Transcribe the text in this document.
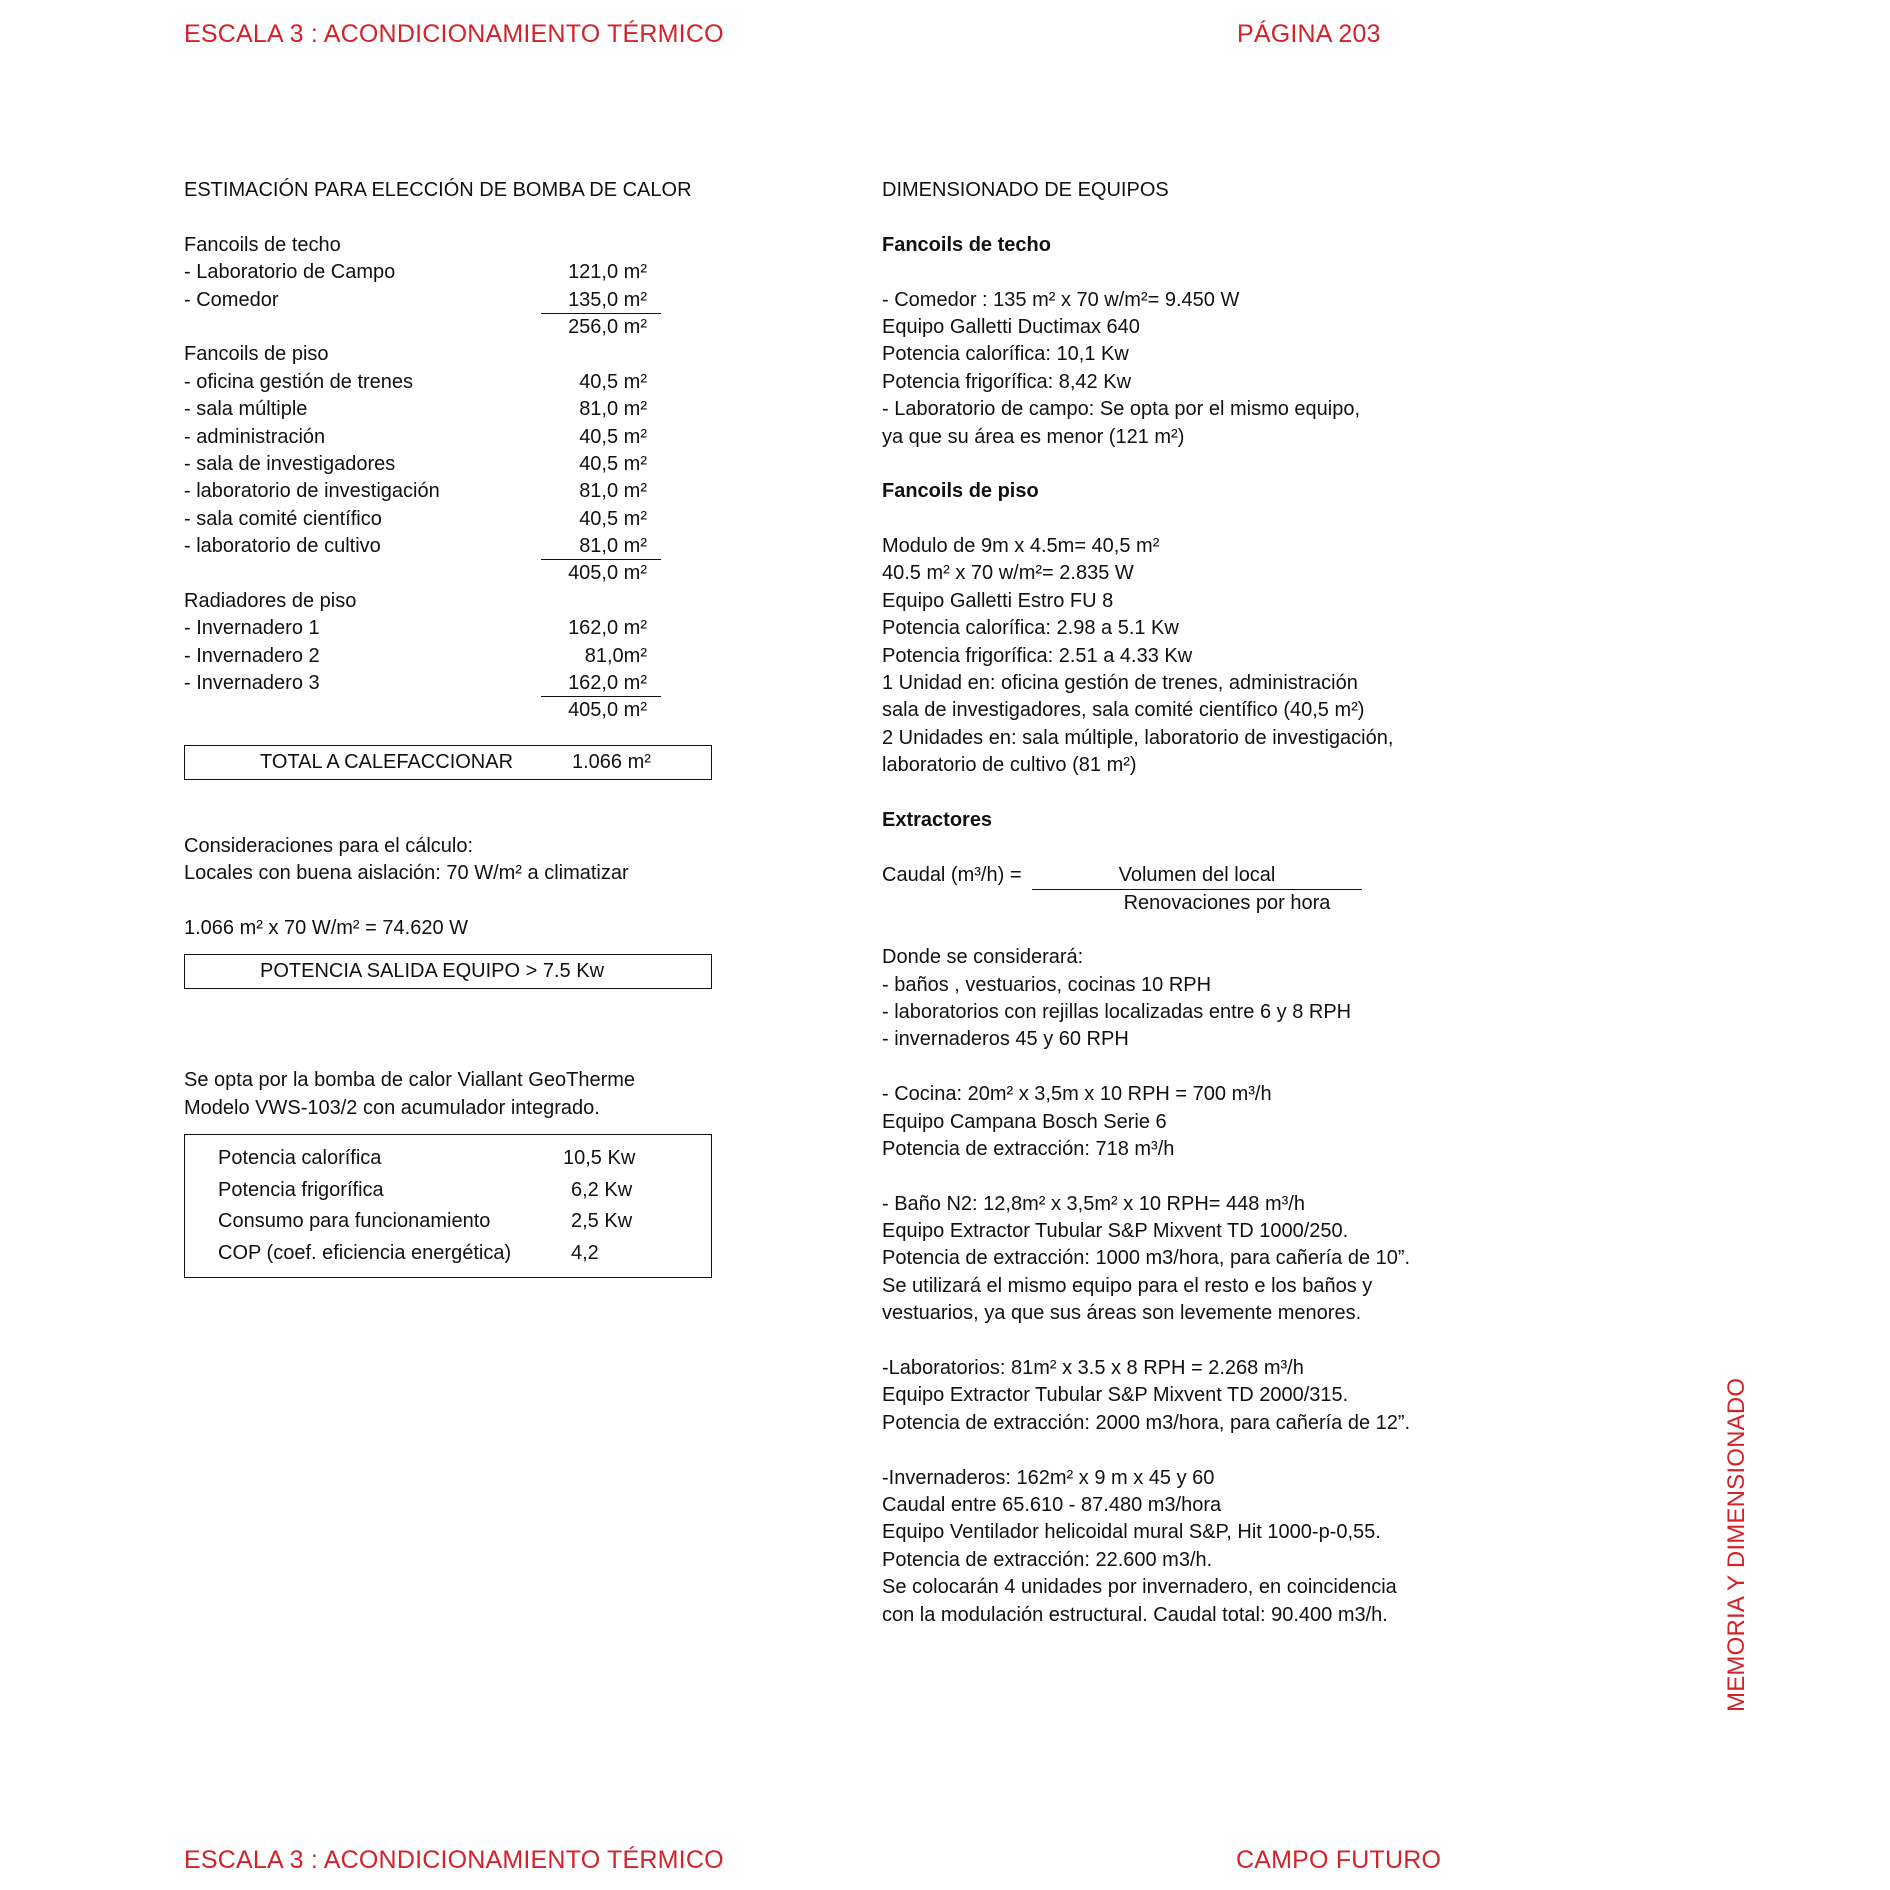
ESCALA 3 : ACONDICIONAMIENTO TÉRMICO	PÁGINA 203
ESTIMACIÓN PARA ELECCIÓN DE BOMBA DE CALOR
Fancoils de techo
- Laboratorio de Campo	121,0 m²
- Comedor	135,0 m²
256,0 m²
Fancoils de piso
- oficina gestión de trenes	40,5 m²
- sala múltiple	81,0 m²
- administración	40,5 m²
- sala de investigadores	40,5 m²
- laboratorio de investigación	81,0 m²
- sala comité científico	40,5 m²
- laboratorio de cultivo	81,0 m²
405,0 m²
Radiadores de piso
- Invernadero 1	162,0 m²
- Invernadero 2	81,0m²
- Invernadero 3	162,0 m²
405,0 m²
TOTAL A CALEFACCIONAR	1.066 m²
Consideraciones para el cálculo:
Locales con buena aislación: 70 W/m² a climatizar
1.066 m² x 70 W/m² = 74.620 W
POTENCIA SALIDA EQUIPO > 7.5 Kw
Se opta por la bomba de calor Viallant GeoTherme
Modelo VWS-103/2 con acumulador integrado.
Potencia calorífica	10,5 Kw
Potencia frigorífica	6,2 Kw
Consumo para funcionamiento	2,5 Kw
COP (coef. eficiencia energética)	4,2
DIMENSIONADO DE EQUIPOS
Fancoils de techo
- Comedor : 135 m² x 70 w/m²= 9.450 W
Equipo Galletti Ductimax 640
Potencia calorífica: 10,1 Kw
Potencia frigorífica: 8,42 Kw
- Laboratorio de campo: Se opta por el mismo equipo,
ya que su área es menor (121 m²)
Fancoils de piso
Modulo de 9m x 4.5m= 40,5 m²
40.5 m² x 70 w/m²= 2.835 W
Equipo Galletti Estro FU 8
Potencia calorífica: 2.98 a 5.1 Kw
Potencia frigorífica: 2.51 a 4.33 Kw
1 Unidad en: oficina gestión de trenes, administración
sala de investigadores, sala comité científico (40,5 m²)
2 Unidades en: sala múltiple, laboratorio de investigación,
laboratorio de cultivo (81 m²)
Extractores
Caudal $(m^3/h) = \frac{\text{Volumen del local}}{\text{Renovaciones por hora}}$
Donde se considerará:
- baños , vestuarios, cocinas 10 RPH
- laboratorios con rejillas localizadas entre 6 y 8 RPH
- invernaderos 45 y 60 RPH
- Cocina: 20m² x 3,5m x 10 RPH = 700 m³/h
Equipo Campana Bosch Serie 6
Potencia de extracción: 718 m³/h
- Baño N2: 12,8m² x 3,5m² x 10 RPH= 448 m³/h
Equipo Extractor Tubular S&P Mixvent TD 1000/250.
Potencia de extracción: 1000 m3/hora, para cañería de 10”.
Se utilizará el mismo equipo para el resto e los baños y
vestuarios, ya que sus áreas son levemente menores.
-Laboratorios: 81m² x 3.5 x 8 RPH = 2.268 m³/h
Equipo Extractor Tubular S&P Mixvent TD 2000/315.
Potencia de extracción: 2000 m3/hora, para cañería de 12”.
-Invernaderos: 162m² x 9 m x 45 y 60
Caudal entre 65.610 - 87.480 m3/hora
Equipo Ventilador helicoidal mural S&P, Hit 1000-p-0,55.
Potencia de extracción: 22.600 m3/h.
Se colocarán 4 unidades por invernadero, en coincidencia
con la modulación estructural. Caudal total: 90.400 m3/h.	MEMORIA Y DIMENSIONADO
ESCALA 3 : ACONDICIONAMIENTO TÉRMICO	CAMPO FUTURO
